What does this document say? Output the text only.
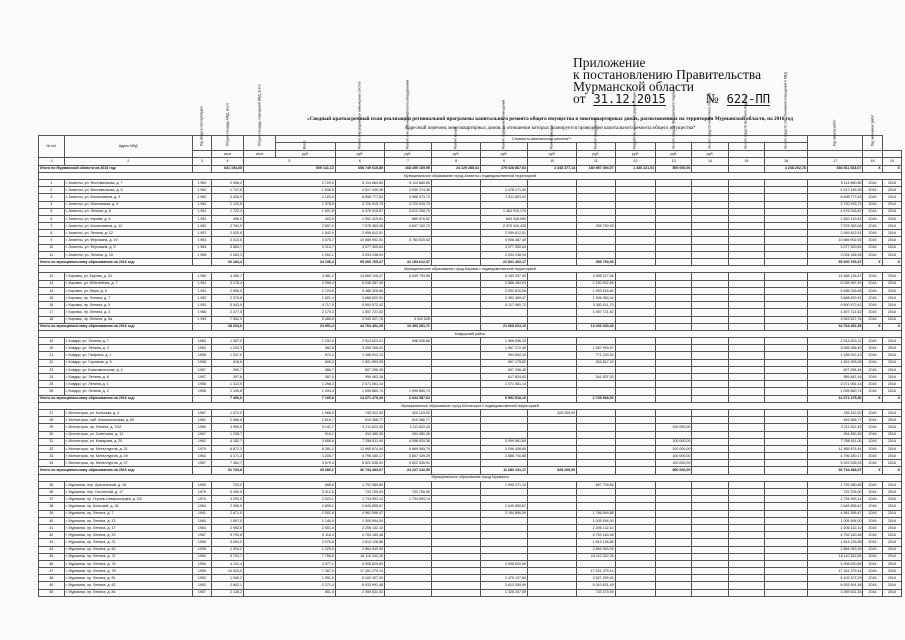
Приложение
к постановлению Правительства
Мурманской области
от 31.12.2015	№ 622-ПП
«Сводный краткосрочный план реализации региональной программы капитального ремонта общего имущества в многоквартирных домах, расположенных на территории Мурманской области, на 2016 год
Адресный перечень многоквартирных домов, в отношении которых планируется проведение капитального ремонта общего имущества*
№ п/п	Адрес МКД	Год ввода в эксплуатацию	Общая площадь МКД, всего	Общая площадь помещений МКД, всего	Стоимость капитального ремонта**												Год начала работ	Год окончания работ	

					Всего:	Ремонт внутридомовых инженерных систем	Ремонт или замена лифтового оборудования	Ремонт крыши	Ремонт подвальных помещений	Ремонт фасада	Ремонт фундамента	Разработка проектной документации	За счет средств федерального бюджета	За счет средств областного бюджета	За счет средств местного бюджета	За счет средств собственников помещений в МКД			

			кв.м	кв.м	руб.	руб.	руб.	руб.	руб.	руб.	руб.	руб.	руб.	руб.					
1	2	3	4	5		6	7	8	9	10	11	12	13	14	15	16	17	18	19
Итого по Мурманской области на 2016 год:			631 194,05	509 141,12		658 749 015,85	168 455 169,95	24 129 285,64	279 028 867,64	2 348 377,14	180 957 094,07	1 330 221,51	500 000,00			4 238 202,78	654 511 533,07	X	X
Муниципальное образование город Апатиты с подведомственной территорией																			
1	г. Апатиты, ул. Фестивальная, д. 7	1 962	2 958,2	2 720,0		5 114 660,80	5 114 660,80										5 114 660,80	2016	2016
2	г. Апатиты, ул. Фестивальная, д. 9	1 962	1 737,6	1 636,5		4 517 445,36	3 039 274,36		1 478 171,00								4 517 445,36	2016	2016
3	г. Апатиты, ул. Космонавтов, д. 9	1 962	3 428,9	3 183,9		8 898 777,63	3 986 973,72		2 911 803,91								8 898 777,63	2016	2016
4	г. Апатиты, ул. Московская, д. 9	1 962	2 120,6	1 978,8		3 720 915,73	3 720 915,73										3 720 915,73	2016	2016
5	г. Апатиты, ул. Ленина, д. 6	1 961	1 722,3	1 601,8		4 476 918,87	3 012 008,70		1 464 910,170								4 476 918,87	2016	2016
6	г. Апатиты, ул. Кирова, д. 6	1 951	456,0	403,5		1 552 419,81	889 070,82		663 348,990								1 552 419,81	2016	2016
7	г. Апатиты, ул. Космонавтов, д. 12	1 962	2 764,0	2 557,9		7 578 363,06	4 647 192,72		2 575 410,435		355 750,93						7 578 363,06	2016	2016
8	г. Апатиты, ул. Ленина, д. 12	1 957	2 020,8	1 842,9		2 959 812,51			2 959 812,51								2 959 812,51	2016	2016
9	г. Апатиты, ул. Ферсмана, д. 19	1 961	3 313,6	3 075,7		10 689 902,92	5 783 515,52		4 906 387,40								10 689 902,92	2016	2016
10	г. Апатиты, ул. Ферсмана, д. 9	1 964	3 583,7	3 313,7		3 077 300,64			3 077 300,64								3 077 300,64	2016	2016
11	г. Апатиты, ул. Ленина, д. 15	1 958	2 083,3	1 902,1		3 034 248,94			3 034 248,94								3 034 248,94	2016	2016
Итого по муниципальному образованию на 2016 год:			26 184,4	24 196,4		55 300 765,47	32 153 612,37		22 831 402,17		355 750,93						55 300 765,47	X	X
Муниципальное образование город Кировск с подведомственной территорией																			
12	г. Кировск, ул. Кирова, д. 34	1 960	4 280,7	3 981,2		14 569 126,47	6 549 753,95		5 163 297,90		2 855 117,58						14 568 126,47	2016	2016
13	г. Кировск, ул. Юбилейная, д. 7	1 961	3 178,4	2 958,4		6 038 987,49			3 888 484,93		2 150 502,56						6 038 987,49	2016	2016
14	г. Кировск, ул. Мира, д. 5	1 961	2 906,5	2 724,8		5 486 326,68			3 532 810,08		1 953 516,60						5 486 326,68	2016	2016
15	г. Кировск, пр. Ленина, д. 7	1 952	2 375,8	1 821,4		3 668 829,91			2 362 469,47		1 306 360,44						3 668 829,91	2016	2016
16	г. Кировск, пр. Ленина, д. 9	1 953	5 543,5	4 717,5		9 500 972,42			6 117 960,72		3 383 011,70						9 500 972,42	2016	2016
17	г. Кировск, пр. Ленина, д. 4	1 956	2 377,5	2 170,3		1 557 721,52					1 557 721,52						1 557 721,52	2016	2016
18	г. Кировск, пр. Ленина, д. 5а	1 949	7 552,3	5 486,8		3 943 527,76	3 943 528										3 943 527,76	2016	2016
Итого по муниципальному образованию на 2016 год:			28 204,6	23 901,4		44 764 492,25	10 493 281,71		21 065 023,10		13 206 030,40						44 764 492,25	X	X
Ковдорский район																			
19	г. Ковдор, ул. Ленина, д. 7	1963	1 267,0	1 232,5		2 914 623,21	948 526,88		1 966 096,33								2 914 623,21	2016	2016
20	г. Ковдор, ул. Ленина, д. 3	1963	1 233,3	982,8		3 055 266,42			1 967 272,45		1 087 993,97						3 055 266,42	2016	2016
21	г. Ковдор, ул. Гагарина, д. 1	1958	1 037,0	674,3		1 165 912,13			394 692,19		771 220,93						1 165 912,13	2016	2016
22	г. Ковдор, ул. Горняков, д. 5	1958	618,6	606,3		1 501 993,05			967 175,82		534 817,23						1 501 993,05	2016	2016
23	г. Ковдор, ул. Комсомольская, д. 4	1957	390,7	386,7		607 296,45			607 296,45								607 296,45	2016	2016
24	г. Ковдор, ул. Ленина, д. 8	1957	397,8	387,0		959 462,16			617 824,83		341 637,33						959 462,16	2016	2016
25	г. Ковдор, ул. Ленина, д. 1	1958	1 312,5	1 298,3		2 071 061,14			2 071 061,14								2 071 061,14	2016	2016
26	г. Ковдор, ул. Ленина, д. 2	1958	1 149,8	1 344,4		1 095 860,74	1 095 860,74										1 095 860,74	2016	2016
Итого по муниципальному образованию на 2016 год:			7 406,6	7 105,8		14 371 475,30	2 044 387,62		9 591 518,16		2 735 568,52						14 371 475,30	X	X
Муниципальное образование город Мончегорск с подведомственной территорией																			
27	г. Мончегорск, ул. Кольская, д. 4	1957	1 072,0	1 066,9		745 312,00	420 103,00			325 209,00							745 312,00	2016	2016
28	г. Мончегорск, наб. Комсомольская, д. 60	1961	2 966,6	2 615,7		519 366,77	519 366,77										519 366,77	2016	2016
29	г. Мончегорск, пр. Ленина, д. 7/42	1960	3 995,5	3 141,7		3 211 822,43	3 111 822,43						100 000,00				3 211 822,43	2016	2016
30	г. Мончегорск, ул. Советская, д. 12	1967	1 238,7	916,1		294 480,35	294 480,35										294 480,35	2016	2016
31	г. Мончегорск, ул. Комарова, д. 25	1962	4 152,7	3 658,6		7 258 911,00	4 058 929,36		3 099 981,64				100 000,00				7 258 911,00	2016	2016
32	г. Мончегорск, пр. Металлургов, д. 31	1970	6 872,3	6 281,2		11 965 874,44	6 869 565,79		5 096 408,65				100 000,00				11 965 874,44	2016	2016
33	г. Мончегорск, пр. Металлургов, д. 49	1963	4 171,3	3 205,7		4 796 180,17	3 807 439,29		2 888 740,88				100 000,00				4 796 180,17	2016	2016
34	г. Мончегорск, пр. Металлургов, д. 27	1957	7 462,7	3 979,4		5 922 535,91	5 822 535,91						100 000,00				5 922 535,91	2016	2016
Итого по муниципальному образованию на 2016 год:			31 733,8	25 080,1		36 734 483,07	24 227 142,90		11 682 131,17	325 209,00			500 000,00				36 734 483,07	X	X
Муниципальное образование город Мурманск																			
35	г. Мурманск, пер. Арктический, д. 16	1950	703,0	686,6		1 792 980,85			1 095 271,19		697 709,66						1 792 980,85	2016	2016
36	г. Мурманск, пер. Охотничий, д. 17	1970	3 450,9	3 412,6		733 709,00	733 709,00										733 709,00	2016	2016
37	г. Мурманск, пр. Героев-Североморцев, д. 3/3	1974	3 293,5	2 523,1		1 734 593,14	1 734 593,14										1 734 593,14	2016	2016
38	г. Мурманск, пр. Кольский, д. 36	1984	2 995,5	2 895,1		2 645 855,67			2 645 855,67								2 645 855,67	2016	2016
39	г. Мурманск, пр. Ленина, д. 7	1941	2 671,0	2 002,8		4 961 596,47			3 194 896,59		1 766 699,88						4 961 596,47	2016	2016
40	г. Мурманск, пр. Ленина, д. 13	1960	1 597,0	1 140,0		1 005 594,00					1 005 594,00						1 005 594,00	2016	2016
41	г. Мурманск, пр. Ленина, д. 17	1964	2 992,6	2 501,8		2 206 132,10					2 206 132,10						2 206 132,10	2016	2016
42	г. Мурманск, пр. Ленина, д. 20	1967	5 793,8	5 118,3		4 753 160,48					4 753 160,48						4 753 160,48	2016	2016
43	г. Мурманск, пр. Ленина, д. 22	1965	3 064,0	2 976,6		1 814 126,86					1 814 126,86						1 814 126,86	2016	2016
44	г. Мурманск, пр. Ленина, д. 60	1938	1 934,2	1 225,5		2 864 949,39					2 864 949,39						2 864 949,39	2016	2016
45	г. Мурманск, пр. Ленина, д. 72	1950	9 703,7	7 758,6		18 110 342,26					18 110 342,26						18 110 342,26	2016	2016
46	г. Мурманск, пр. Ленина, д. 76	1954	4 131,4	3 077,1		4 908 620,69			4 908 620,69								4 908 620,69	2016	2016
47	г. Мурманск, пр. Ленина, д. 78	1959	10 520,0	7 367,0		17 161 279,14					17 161 279,14						17 161 279,14	2016	2016
48	г. Мурманск, пр. Ленина, д. 81	1952	1 940,2	1 551,6		6 102 427,29			2 475 127,84		3 627 299,45						6 102 427,29	2016	2016
49	г. Мурманск, пр. Ленина, д. 82	1952	2 842,1	2 271,4		8 933 991,48			3 623 359,99		5 310 631,49						8 933 991,48	2016	2016
50	г. Мурманск, пр. Ленина, д. 84	1957	2 128,2	851,4		2 059 631,53			1 326 257,59		733 373,94						2 059 631,53	2016	2016
